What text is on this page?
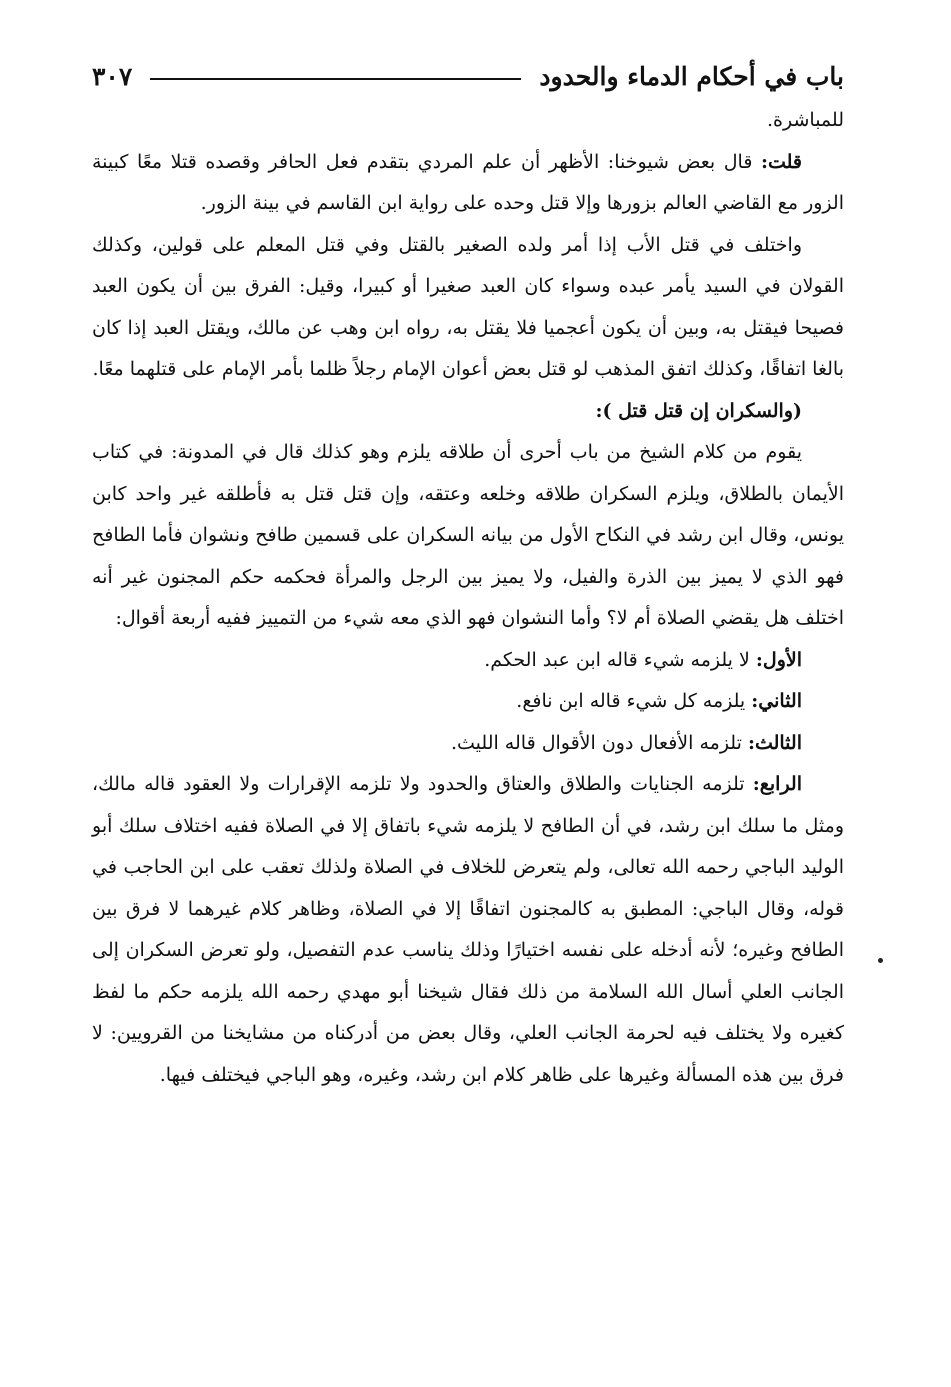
باب في أحكام الدماء والحدود
٣٠٧

للمباشرة.

قلت: قال بعض شيوخنا: الأظهر أن علم المردي بتقدم فعل الحافر وقصده قتلا معًا كبينة الزور مع القاضي العالم بزورها وإلا قتل وحده على رواية ابن القاسم في بينة الزور.

واختلف في قتل الأب إذا أمر ولده الصغير بالقتل وفي قتل المعلم على قولين، وكذلك القولان في السيد يأمر عبده وسواء كان العبد صغيرا أو كبيرا، وقيل: الفرق بين أن يكون العبد فصيحا فيقتل به، وبين أن يكون أعجميا فلا يقتل به، رواه ابن وهب عن مالك، ويقتل العبد إذا كان بالغا اتفاقًا، وكذلك اتفق المذهب لو قتل بعض أعوان الإمام رجلاً ظلما بأمر الإمام على قتلهما معًا.

(والسكران إن قتل قتل ):

يقوم من كلام الشيخ من باب أحرى أن طلاقه يلزم وهو كذلك قال في المدونة: في كتاب الأيمان بالطلاق، ويلزم السكران طلاقه وخلعه وعتقه، وإن قتل قتل به فأطلقه غير واحد كابن يونس، وقال ابن رشد في النكاح الأول من بيانه السكران على قسمين طافح ونشوان فأما الطافح فهو الذي لا يميز بين الذرة والفيل، ولا يميز بين الرجل والمرأة فحكمه حكم المجنون غير أنه اختلف هل يقضي الصلاة أم لا؟ وأما النشوان فهو الذي معه شيء من التمييز ففيه أربعة أقوال:

الأول: لا يلزمه شيء قاله ابن عبد الحكم.

الثاني: يلزمه كل شيء قاله ابن نافع.

الثالث: تلزمه الأفعال دون الأقوال قاله الليث.

الرابع: تلزمه الجنايات والطلاق والعتاق والحدود ولا تلزمه الإقرارات ولا العقود قاله مالك، ومثل ما سلك ابن رشد، في أن الطافح لا يلزمه شيء باتفاق إلا في الصلاة ففيه اختلاف سلك أبو الوليد الباجي رحمه الله تعالى، ولم يتعرض للخلاف في الصلاة ولذلك تعقب على ابن الحاجب في قوله، وقال الباجي: المطبق به كالمجنون اتفاقًا إلا في الصلاة، وظاهر كلام غيرهما لا فرق بين الطافح وغيره؛ لأنه أدخله على نفسه اختيارًا وذلك يناسب عدم التفصيل، ولو تعرض السكران إلى الجانب العلي أسال الله السلامة من ذلك فقال شيخنا أبو مهدي رحمه الله يلزمه حكم ما لفظ كغيره ولا يختلف فيه لحرمة الجانب العلي، وقال بعض من أدركناه من مشايخنا من القرويين: لا فرق بين هذه المسألة وغيرها على ظاهر كلام ابن رشد، وغيره، وهو الباجي فيختلف فيها.
